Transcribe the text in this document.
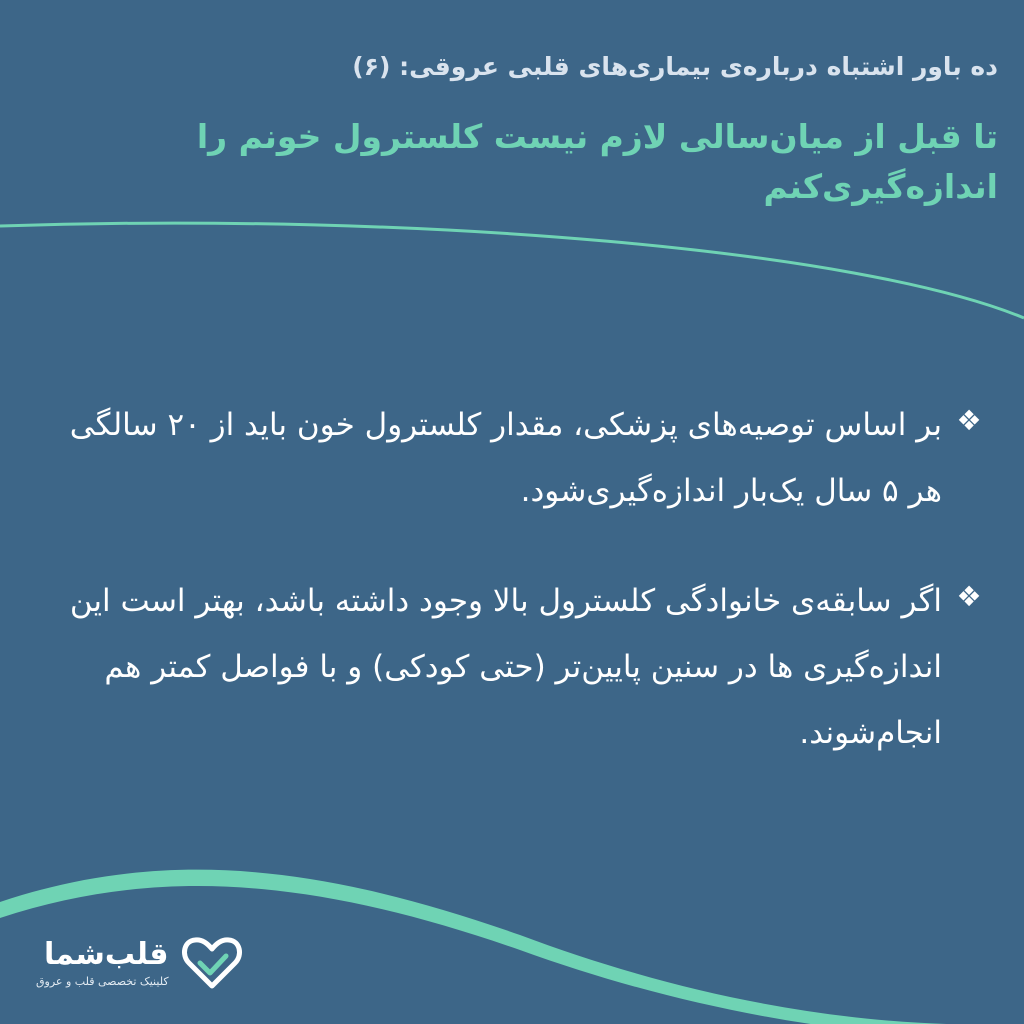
ده باور اشتباه درباره‌ی بیماری‌های قلبی عروقی: (۶)

تا قبل از میان‌سالی لازم نیست کلسترول خونم را اندازه‌گیری‌کنم

❖
بر اساس توصیه‌های پزشکی، مقدار کلسترول خون باید از ۲۰ سالگی هر ۵ سال یک‌بار اندازه‌گیری‌شود.
❖
اگر سابقه‌ی خانوادگی کلسترول بالا وجود داشته باشد، بهتر است این اندازه‌گیری ها در سنین پایین‌تر (حتی کودکی) و با فواصل کمتر هم انجام‌شوند.
قلب‌شما
کلینیک تخصصی قلب و عروق
